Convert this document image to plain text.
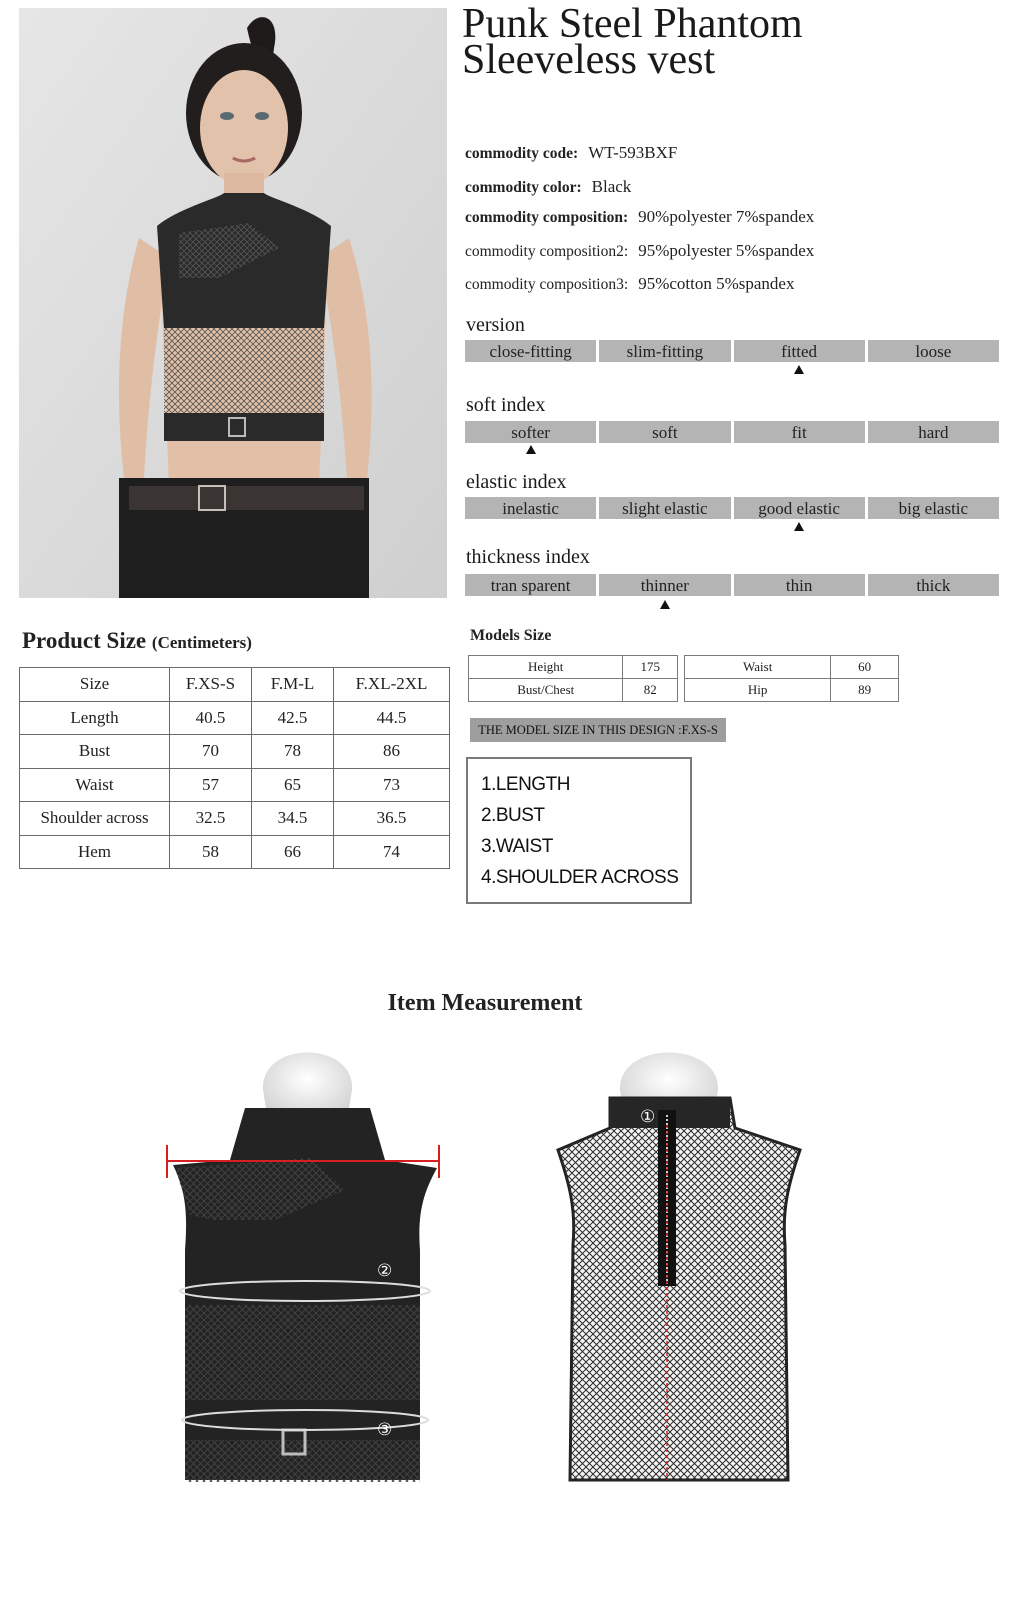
Punk Steel Phantom
Sleeveless vest
commodity code: WT-593BXF
commodity color: Black
commodity composition: 90%polyester 7%spandex
commodity composition2: 95%polyester 5%spandex
commodity composition3: 95%cotton 5%spandex
version
close-fitting	slim-fitting	fitted	loose
soft index
softer	soft	fit	hard
elastic index
inelastic	slight elastic	good elastic	big elastic
thickness index
tran sparent	thinner	thin	thick
Product Size (Centimeters)
Size	F.XS-S	F.M-L	F.XL-2XL
Length	40.5	42.5	44.5
Bust	70	78	86
Waist	57	65	73
Shoulder across	32.5	34.5	36.5
Hem	58	66	74
Models Size
Height	175
Bust/Chest	82
Waist	60
Hip	89
THE MODEL SIZE IN THIS DESIGN :F.XS-S
1.LENGTH
2.BUST
3.WAIST
4.SHOULDER ACROSS
Item Measurement
④
②
③
①
